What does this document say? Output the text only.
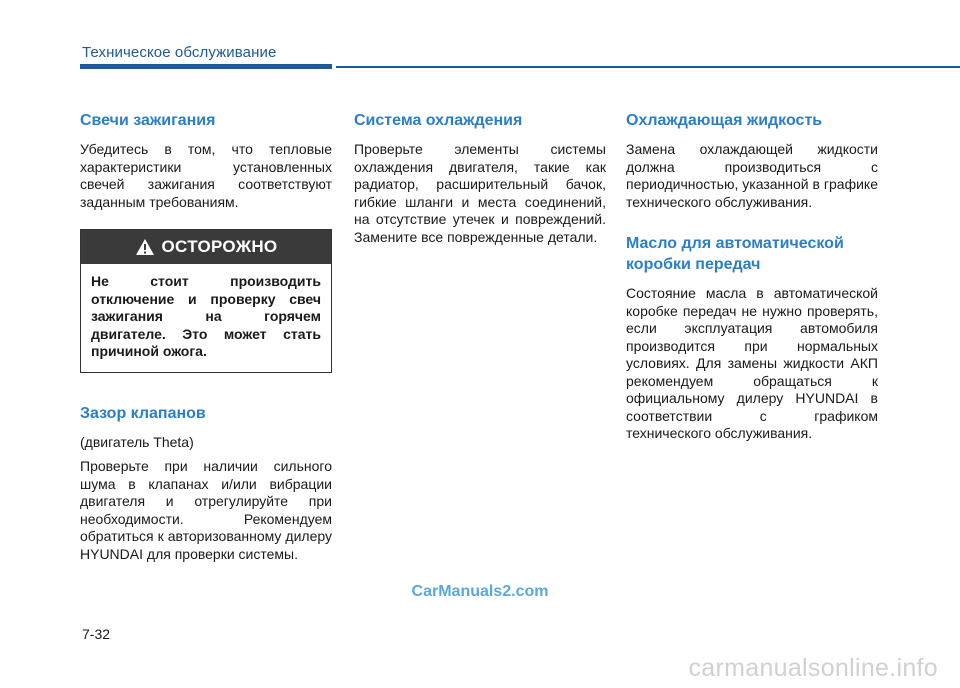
Техническое обслуживание
Свечи зажигания

Убедитесь в том, что тепловые характеристики установленных свечей зажигания соответствуют заданным требованиям.

ОСТОРОЖНО
Не стоит производить отключение и проверку свеч зажигания на горячем двигателе. Это может стать причиной ожога.
Зазор клапанов

(двигатель Theta)

Проверьте при наличии сильного шума в клапанах и/или вибрации двигателя и отрегулируйте при необходимости. Рекомендуем обратиться к авторизованному дилеру HYUNDAI для проверки системы.

Система охлаждения

Проверьте элементы системы охлаждения двигателя, такие как радиатор, расширительный бачок, гибкие шланги и места соединений, на отсутствие утечек и повреждений. Замените все поврежденные детали.

Охлаждающая жидкость

Замена охлаждающей жидкости должна производиться с периодичностью, указанной в графике технического обслуживания.

Масло для автоматической коробки передач

Состояние масла в автоматической коробке передач не нужно проверять, если эксплуатация автомобиля производится при нормальных условиях. Для замены жидкости АКП рекомендуем обращаться к официальному дилеру HYUNDAI в соответствии с графиком технического обслуживания.

CarManuals2.com
7-32
carmanualsonline.info
